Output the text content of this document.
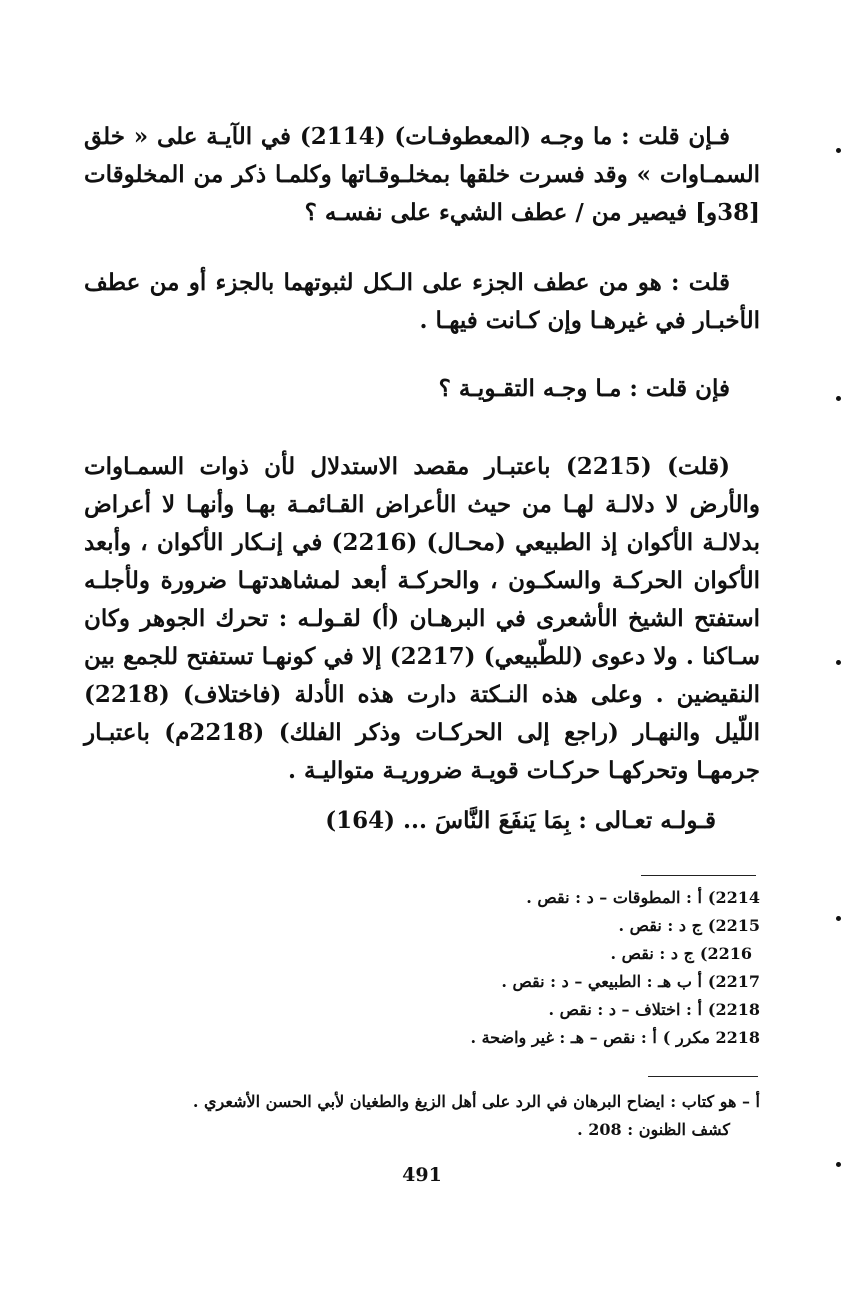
فـإن قلت : ما وجـه (المعطوفـات) (2114) في الآيـة على « خلق السمـاوات » وقد فسرت خلقها بمخلـوقـاتها وكلمـا ذكر من المخلوقات [38و] فيصير من / عطف الشيء على نفسـه ؟

قلت : هو من عطف الجزء على الـكل لثبوتهما بالجزء أو من عطف الأخبـار في غيرهـا وإن كـانت فيهـا .

فإن قلت : مـا وجـه التقـويـة ؟

(قلت) (2215) باعتبـار مقصد الاستدلال لأن ذوات السمـاوات والأرض لا دلالـة لهـا من حيث الأعراض القـائمـة بهـا وأنهـا لا أعراض بدلالـة الأكوان إذ الطبيعي (محـال) (2216) في إنـكار الأكوان ، وأبعد الأكوان الحركـة والسكـون ، والحركـة أبعد لمشاهدتهـا ضرورة ولأجلـه استفتح الشيخ الأشعرى في البرهـان (أ) لقـولـه : تحرك الجوهر وكان سـاكنا . ولا دعوى (للطّبيعي) (2217) إلا في كونهـا تستفتح للجمع بين النقيضين . وعلى هذه النـكتة دارت هذه الأدلة (فاختلاف) (2218) اللّيل والنهـار (راجع إلى الحركـات وذكر الفلك) (2218م) باعتبـار جرمهـا وتحركهـا حركـات قويـة ضروريـة متواليـة .

قـولـه تعـالى : بِمَا يَنفَعَ النَّاسَ ... (164)

2214)أ : المطوقات – د : نقص .
2215)ج د : نقص .
2216)ج د : نقص .
2217)أ ب هـ : الطبيعي – د : نقص .
2218)أ : اختلاف – د : نقص .
2218 مكرر )أ : نقص – هـ : غير واضحة .
أ – هو كتاب : ايضاح البرهان في الرد على أهل الزيغ والطغيان لأبي الحسن الأشعري .
كشف الظنون : 208 .
491
